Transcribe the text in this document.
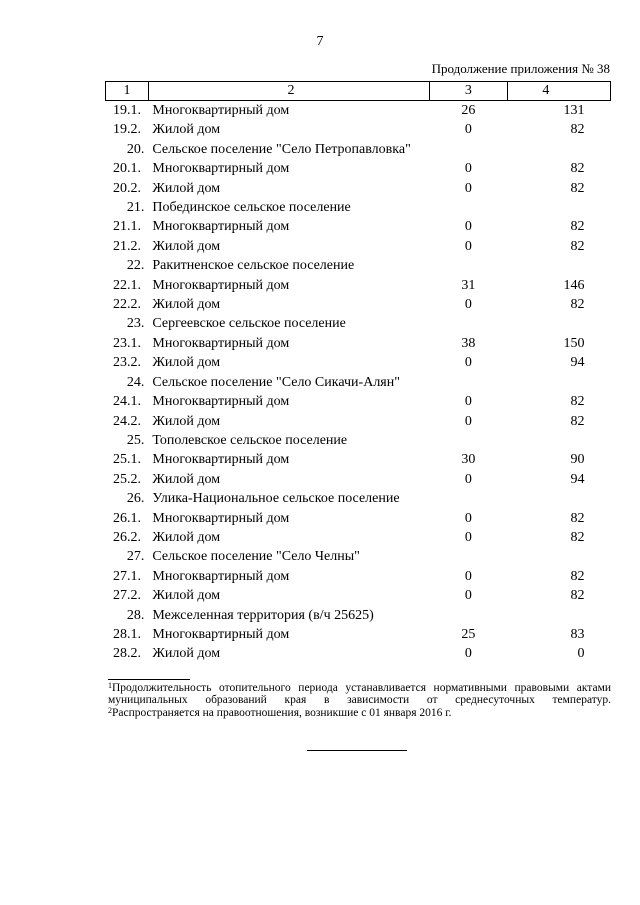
7
Продолжение приложения № 38
1	2	3	4
19.1.	Многоквартирный дом	26	131
19.2.	Жилой дом	0	82
20.	Сельское поселение "Село Петропавловка"		
20.1.	Многоквартирный дом	0	82
20.2.	Жилой дом	0	82
21.	Побединское сельское поселение		
21.1.	Многоквартирный дом	0	82
21.2.	Жилой дом	0	82
22.	Ракитненское сельское поселение		
22.1.	Многоквартирный дом	31	146
22.2.	Жилой дом	0	82
23.	Сергеевское сельское поселение		
23.1.	Многоквартирный дом	38	150
23.2.	Жилой дом	0	94
24.	Сельское поселение "Село Сикачи-Алян"		
24.1.	Многоквартирный дом	0	82
24.2.	Жилой дом	0	82
25.	Тополевское сельское поселение		
25.1.	Многоквартирный дом	30	90
25.2.	Жилой дом	0	94
26.	Улика-Национальное сельское поселение		
26.1.	Многоквартирный дом	0	82
26.2.	Жилой дом	0	82
27.	Сельское поселение "Село Челны"		
27.1.	Многоквартирный дом	0	82
27.2.	Жилой дом	0	82
28.	Межселенная территория (в/ч 25625)		
28.1.	Многоквартирный дом	25	83
28.2.	Жилой дом	0	0
$^1$Продолжительность отопительного периода устанавливается нормативными правовыми актами муниципальных образований края в зависимости от среднесуточных температур.
$^2$Распространяется на правоотношения, возникшие с 01 января 2016 г.
